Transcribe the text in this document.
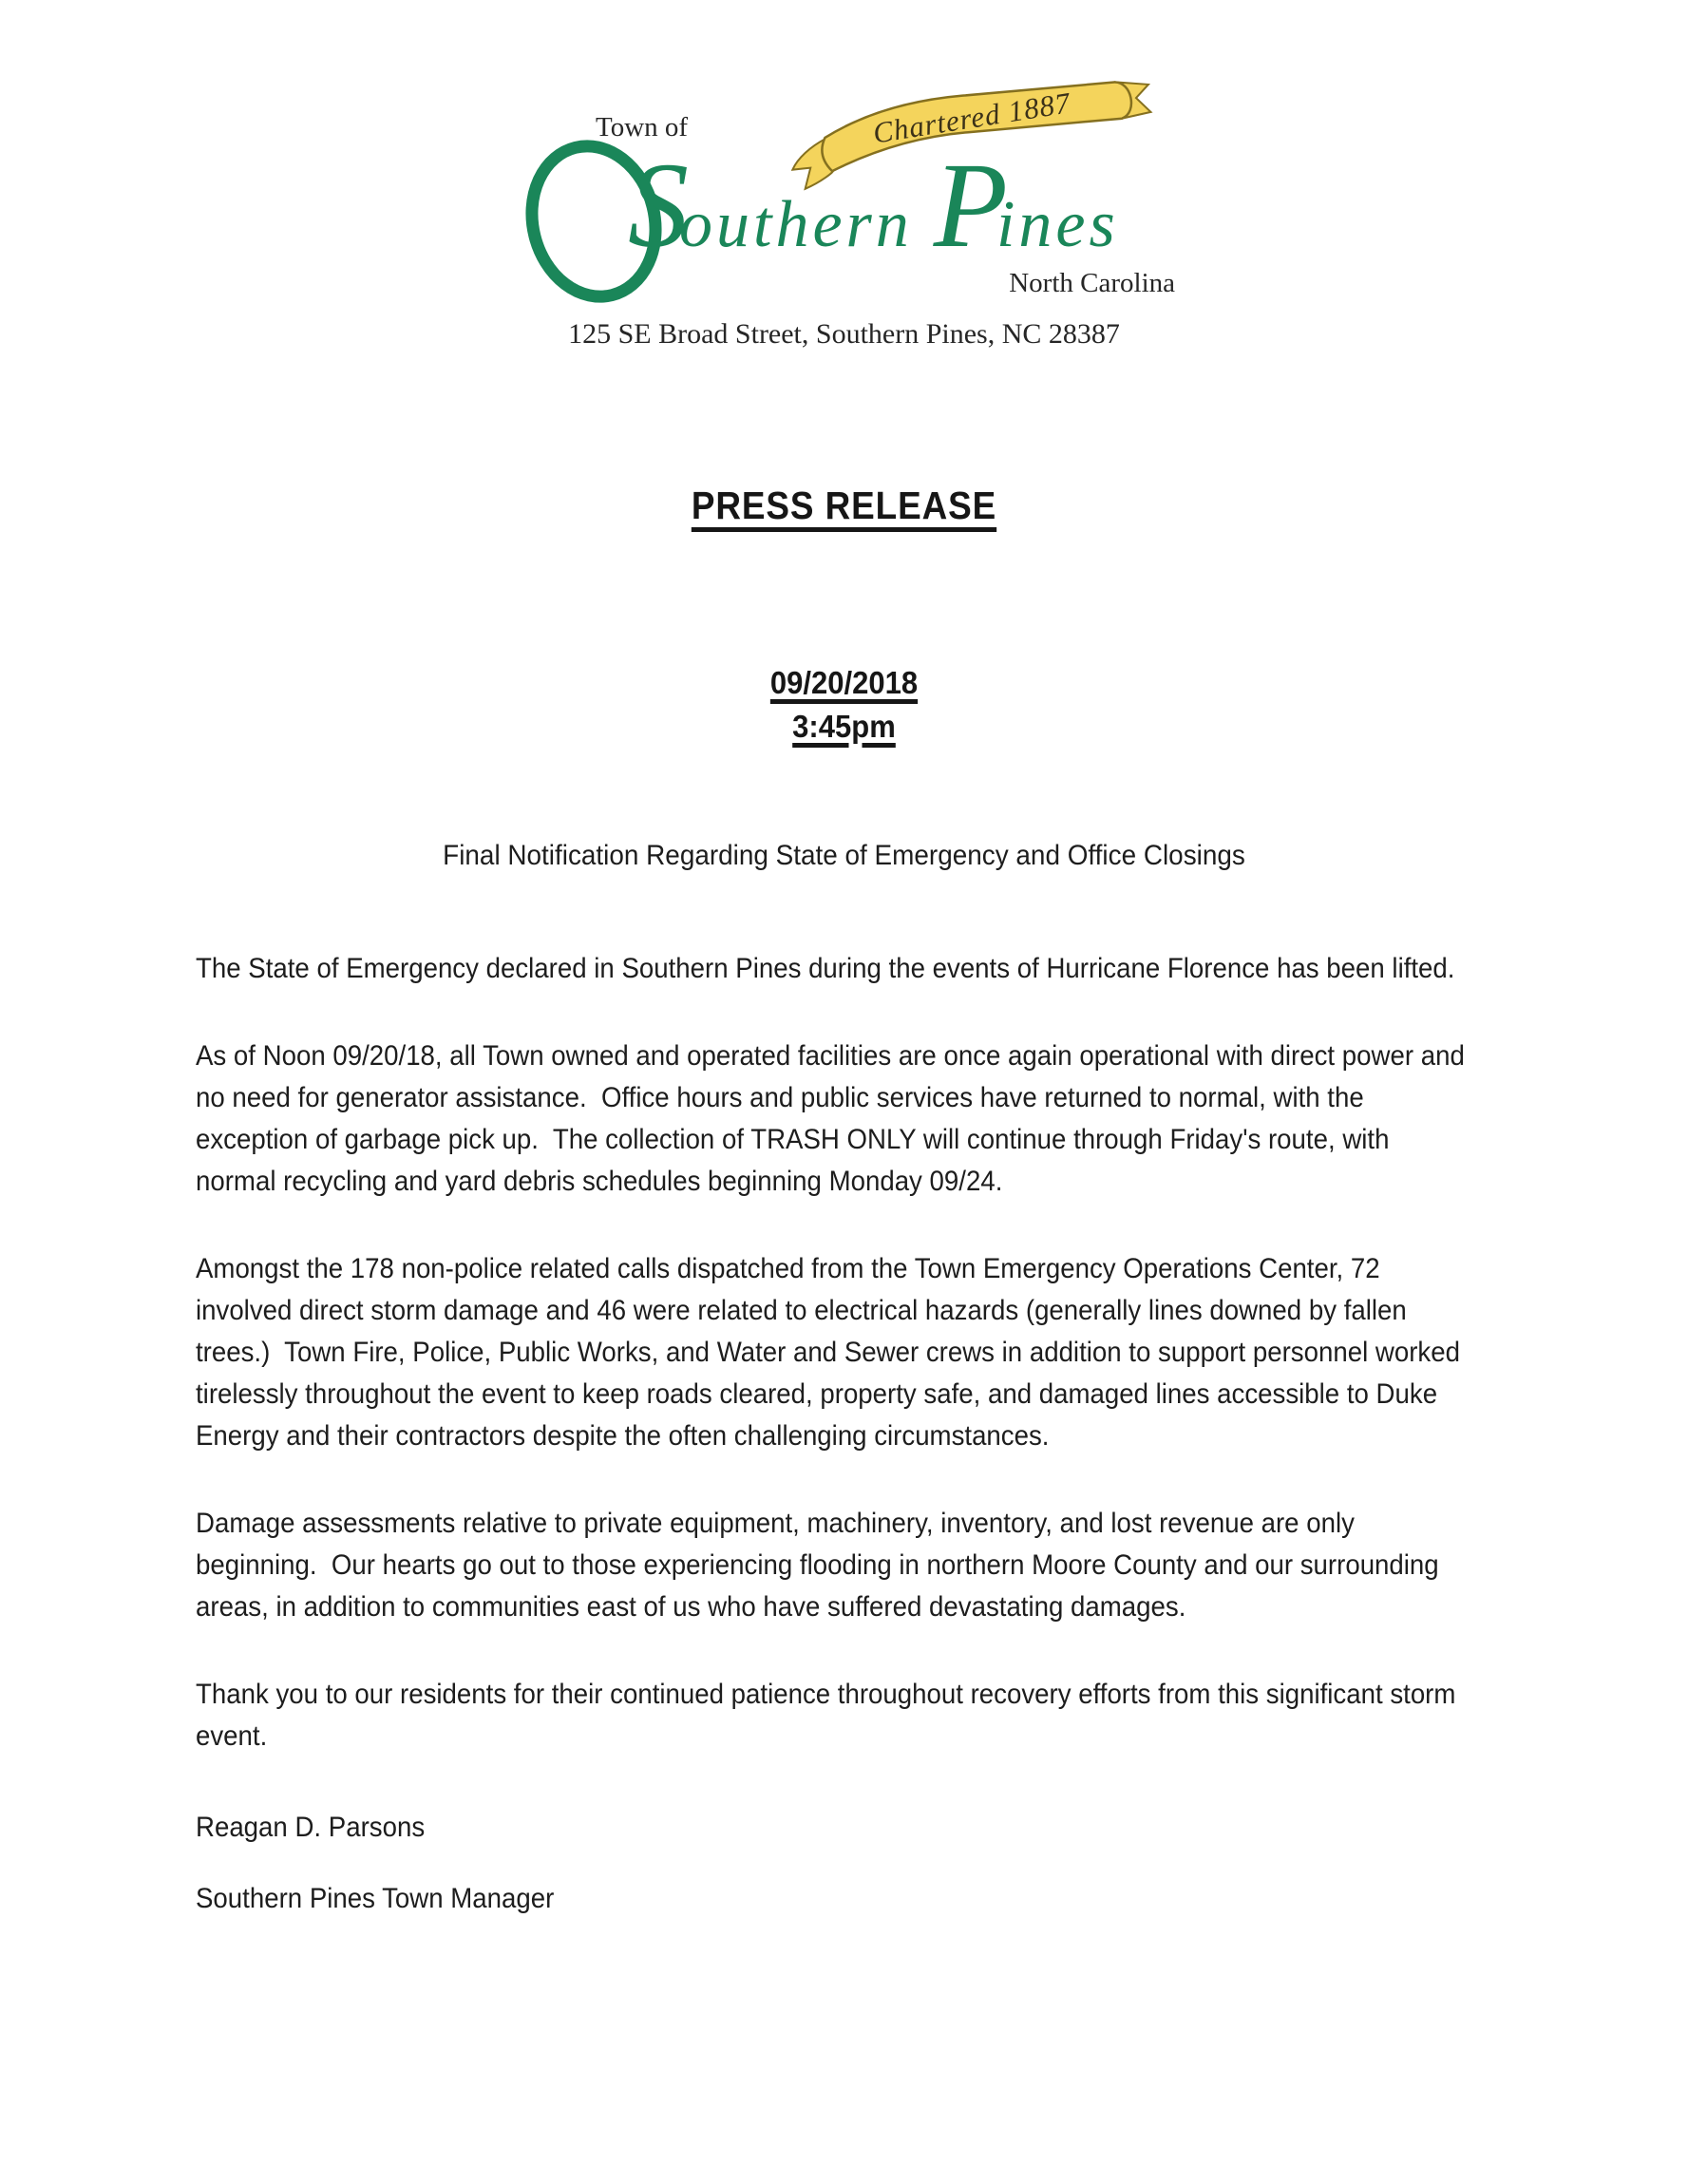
Chartered 1887
Town of
Southern Pines
North Carolina
125 SE Broad Street, Southern Pines, NC 28387
PRESS RELEASE
09/20/2018
3:45pm
Final Notification Regarding State of Emergency and Office Closings

The State of Emergency declared in Southern Pines during the events of Hurricane Florence has been lifted.

As of Noon 09/20/18, all Town owned and operated facilities are once again operational with direct power and no need for generator assistance.  Office hours and public services have returned to normal, with the exception of garbage pick up.  The collection of TRASH ONLY will continue through Friday's route, with normal recycling and yard debris schedules beginning Monday 09/24.

Amongst the 178 non-police related calls dispatched from the Town Emergency Operations Center, 72 involved direct storm damage and 46 were related to electrical hazards (generally lines downed by fallen trees.)  Town Fire, Police, Public Works, and Water and Sewer crews in addition to support personnel worked tirelessly throughout the event to keep roads cleared, property safe, and damaged lines accessible to Duke Energy and their contractors despite the often challenging circumstances.

Damage assessments relative to private equipment, machinery, inventory, and lost revenue are only beginning.  Our hearts go out to those experiencing flooding in northern Moore County and our surrounding areas, in addition to communities east of us who have suffered devastating damages.

Thank you to our residents for their continued patience throughout recovery efforts from this significant storm event.

Reagan D. Parsons
Southern Pines Town Manager
